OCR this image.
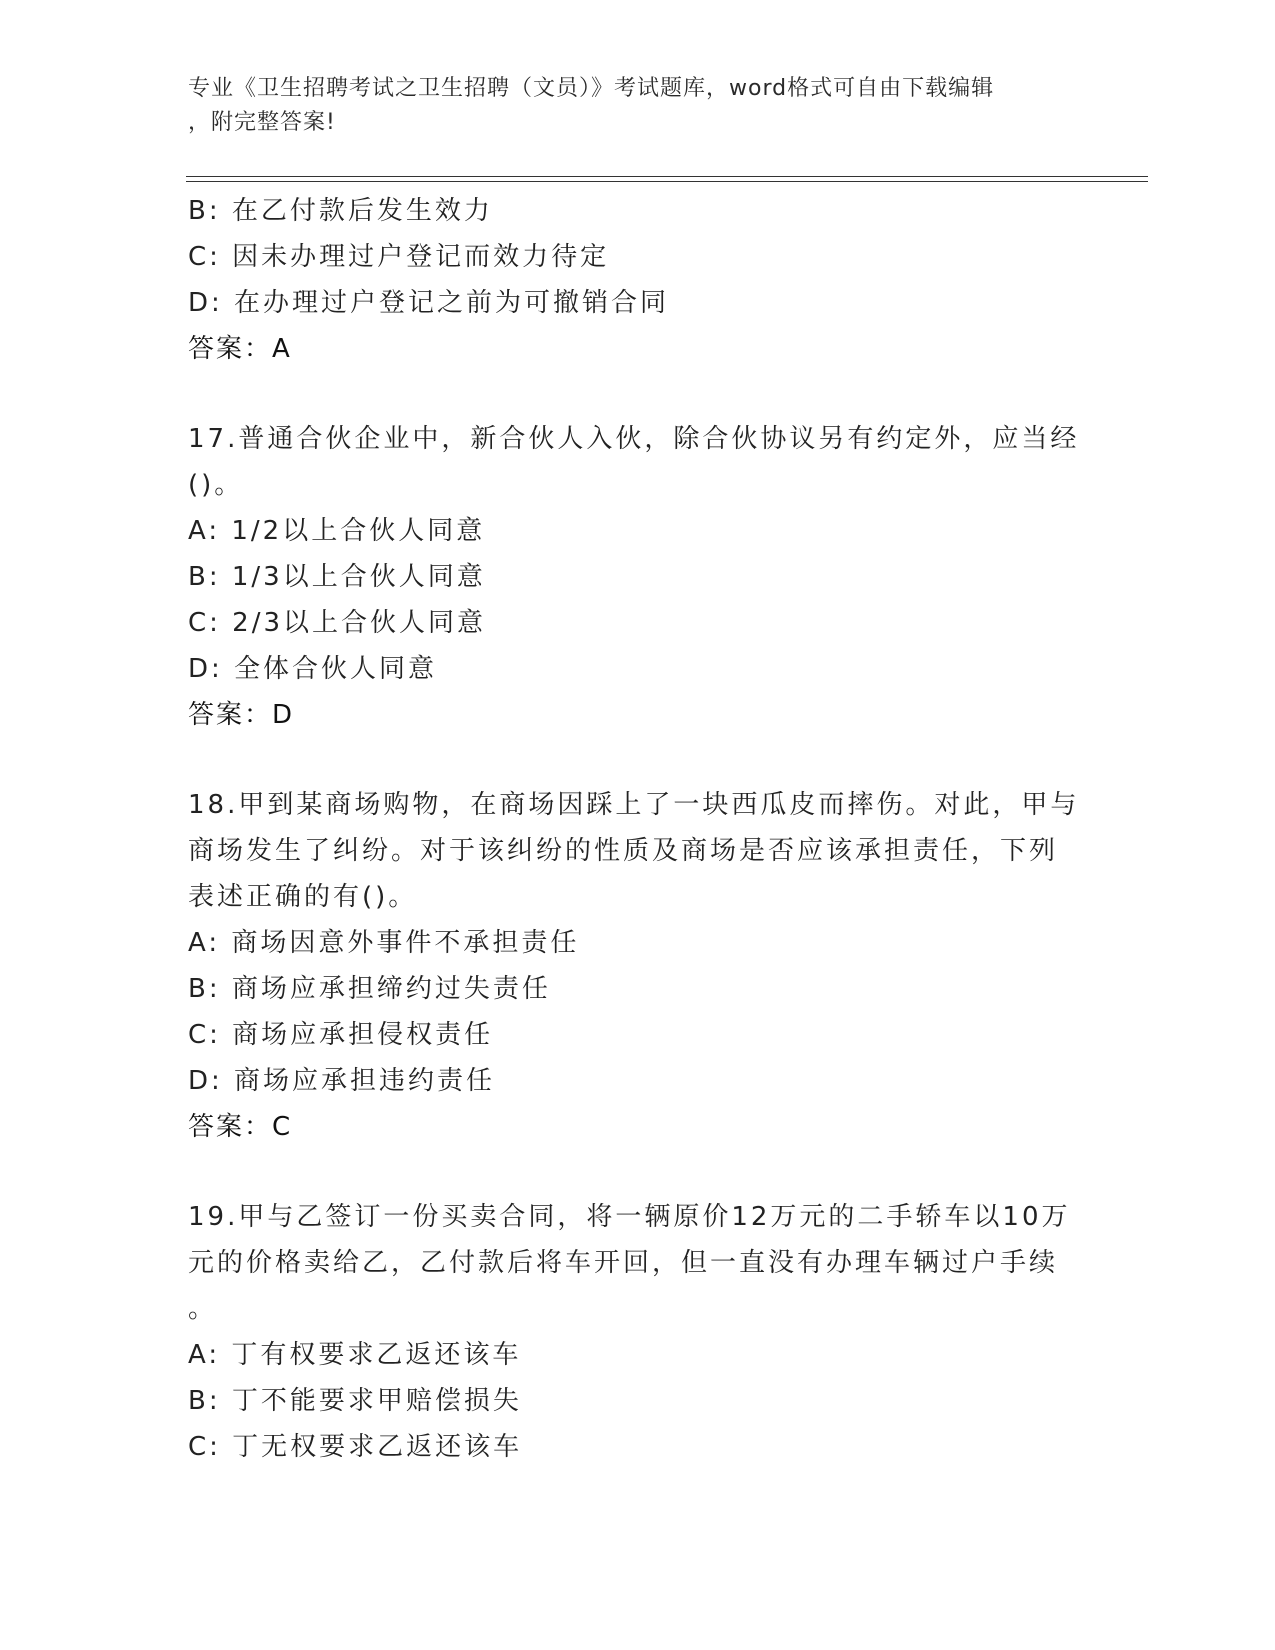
专业《卫生招聘考试之卫生招聘（文员）》考试题库，word格式可自由下载编辑
，附完整答案!
B: 在乙付款后发生效力
C: 因未办理过户登记而效力待定
D: 在办理过户登记之前为可撤销合同
答案：A
17.普通合伙企业中，新合伙人入伙，除合伙协议另有约定外，应当经
()。
A: 1/2以上合伙人同意
B: 1/3以上合伙人同意
C: 2/3以上合伙人同意
D: 全体合伙人同意
答案：D
18.甲到某商场购物，在商场因踩上了一块西瓜皮而摔伤。对此，甲与
商场发生了纠纷。对于该纠纷的性质及商场是否应该承担责任，下列
表述正确的有()。
A: 商场因意外事件不承担责任
B: 商场应承担缔约过失责任
C: 商场应承担侵权责任
D: 商场应承担违约责任
答案：C
19.甲与乙签订一份买卖合同，将一辆原价12万元的二手轿车以10万
元的价格卖给乙，乙付款后将车开回，但一直没有办理车辆过户手续
。
A: 丁有权要求乙返还该车
B: 丁不能要求甲赔偿损失
C: 丁无权要求乙返还该车
